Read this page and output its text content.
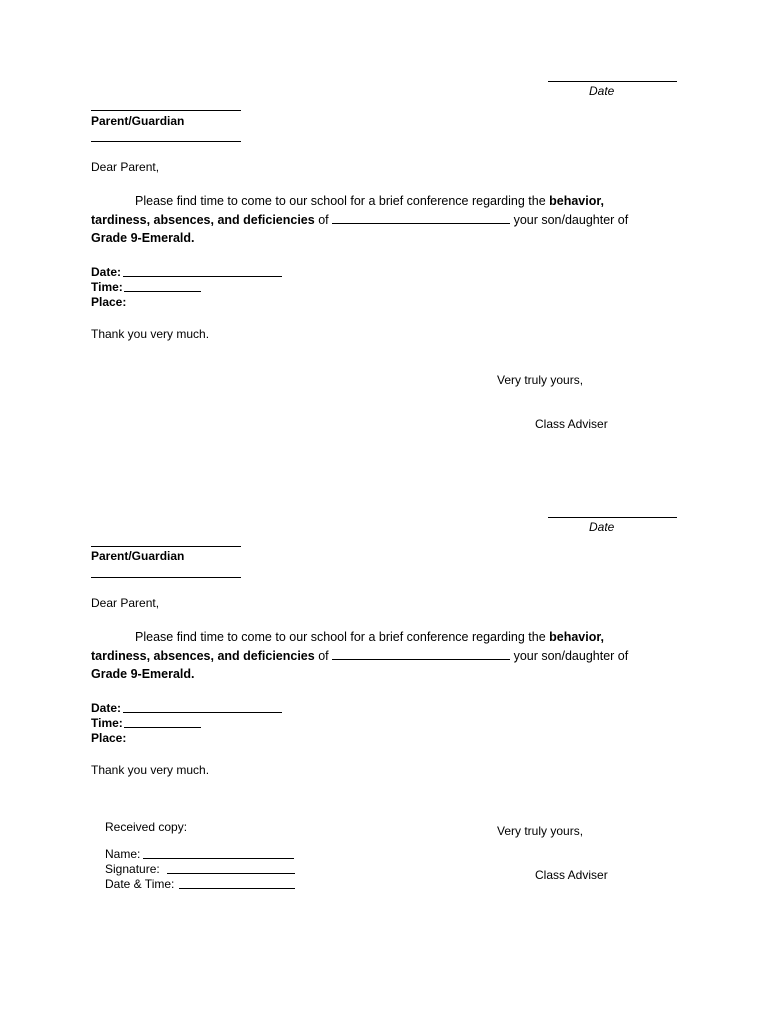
Date
Parent/Guardian
Dear Parent,
Please find time to come to our school for a brief conference regarding the behavior,
tardiness, absences, and deficiencies of	your son/daughter of
Grade 9-Emerald.
Date:
Time:
Place:
Thank you very much.
Very truly yours,
Class Adviser
Date
Parent/Guardian
Dear Parent,
Please find time to come to our school for a brief conference regarding the behavior,
tardiness, absences, and deficiencies of	your son/daughter of
Grade 9-Emerald.
Date:
Time:
Place:
Thank you very much.
Very truly yours,
Class Adviser
Received copy:
Name:
Signature:
Date & Time:
